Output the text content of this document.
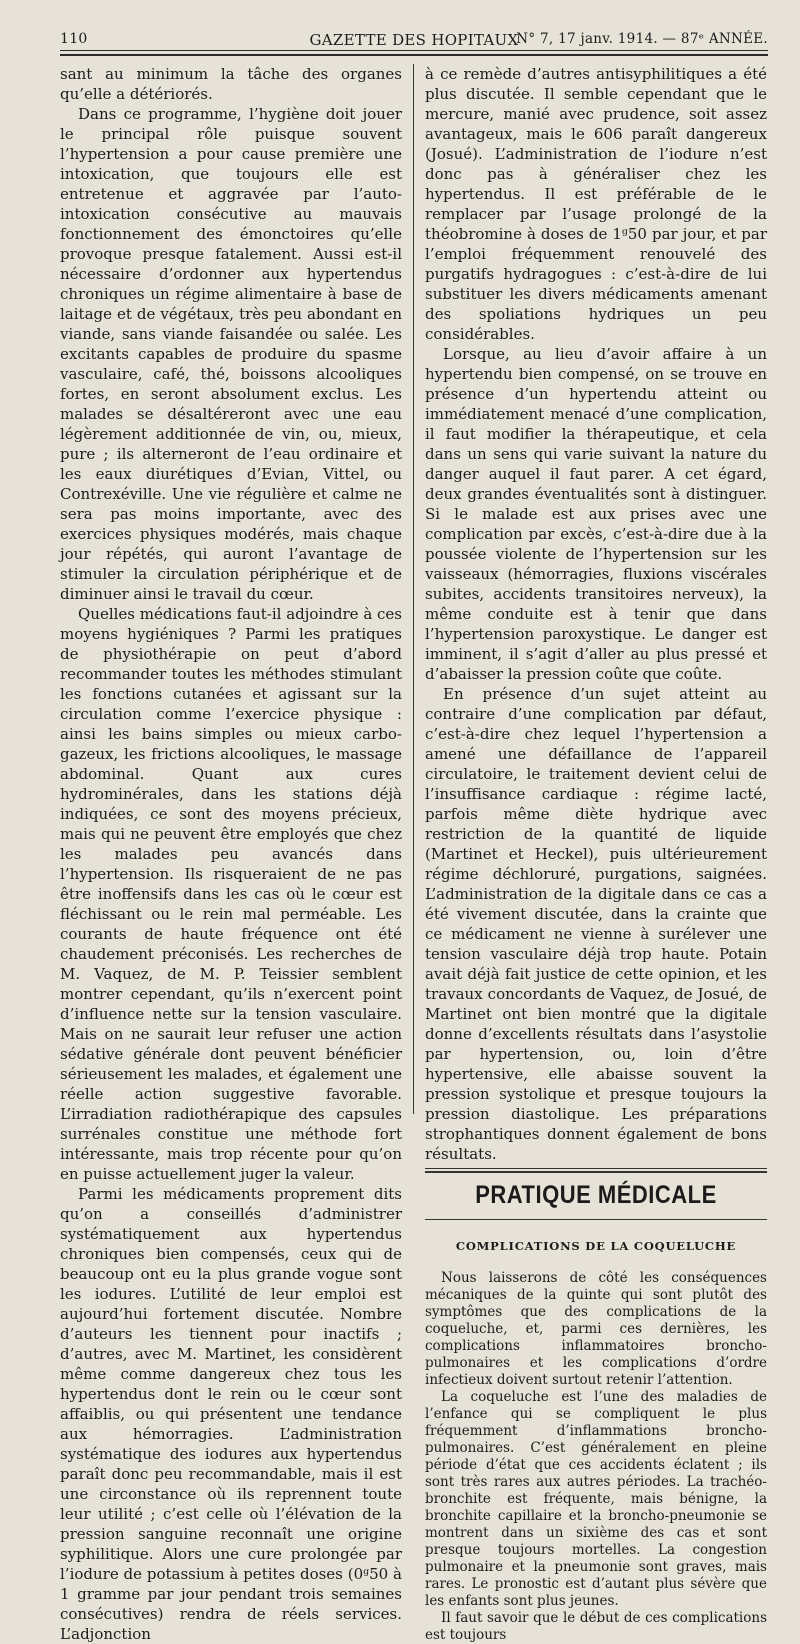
110	GAZETTE DES HOPITAUX
N° 7, 17 janv. 1914. — 87ᵉ ANNÉE.

sant au minimum la tâche des organes qu’elle a détériorés.

Dans ce programme, l’hygiène doit jouer le principal rôle puisque souvent l’hypertension a pour cause première une intoxication, que toujours elle est entretenue et aggravée par l’auto-intoxication consécutive au mauvais fonctionnement des émonctoires qu’elle provoque presque fatalement. Aussi est-il nécessaire d’ordonner aux hypertendus chroniques un régime alimentaire à base de laitage et de végétaux, très peu abondant en viande, sans viande faisandée ou salée. Les excitants capables de produire du spasme vasculaire, café, thé, boissons alcooliques fortes, en seront absolument exclus. Les malades se désaltéreront avec une eau légèrement additionnée de vin, ou, mieux, pure ; ils alterneront de l’eau ordinaire et les eaux diurétiques d’Evian, Vittel, ou Contrexéville. Une vie régulière et calme ne sera pas moins importante, avec des exercices physiques modérés, mais chaque jour répétés, qui auront l’avantage de stimuler la circulation périphérique et de diminuer ainsi le travail du cœur.

Quelles médications faut-il adjoindre à ces moyens hygiéniques ? Parmi les pratiques de physiothérapie on peut d’abord recommander toutes les méthodes stimulant les fonctions cutanées et agissant sur la circulation comme l’exercice physique : ainsi les bains simples ou mieux carbo-gazeux, les frictions alcooliques, le massage abdominal. Quant aux cures hydrominérales, dans les stations déjà indiquées, ce sont des moyens précieux, mais qui ne peuvent être employés que chez les malades peu avancés dans l’hypertension. Ils risqueraient de ne pas être inoffensifs dans les cas où le cœur est fléchissant ou le rein mal perméable. Les courants de haute fréquence ont été chaudement préconisés. Les recherches de M. Vaquez, de M. P. Teissier semblent montrer cependant, qu’ils n’exercent point d’influence nette sur la tension vasculaire. Mais on ne saurait leur refuser une action sédative générale dont peuvent bénéficier sérieusement les malades, et également une réelle action suggestive favorable. L’irradiation radiothérapique des capsules surrénales constitue une méthode fort intéressante, mais trop récente pour qu’on en puisse actuellement juger la valeur.

Parmi les médicaments proprement dits qu’on a conseillés d’administrer systématiquement aux hypertendus chroniques bien compensés, ceux qui de beaucoup ont eu la plus grande vogue sont les iodures. L’utilité de leur emploi est aujourd’hui fortement discutée. Nombre d’auteurs les tiennent pour inactifs ; d’autres, avec M. Martinet, les considèrent même comme dangereux chez tous les hypertendus dont le rein ou le cœur sont affaiblis, ou qui présentent une tendance aux hémorragies. L’administration systématique des iodures aux hypertendus paraît donc peu recommandable, mais il est une circonstance où ils reprennent toute leur utilité ; c’est celle où l’élévation de la pression sanguine reconnaît une origine syphilitique. Alors une cure prolongée par l’iodure de potassium à petites doses (0ᵍ50 à 1 gramme par jour pendant trois semaines consécutives) rendra de réels services. L’adjonction

à ce remède d’autres antisyphilitiques a été plus discutée. Il semble cependant que le mercure, manié avec prudence, soit assez avantageux, mais le 606 paraît dangereux (Josué). L’administration de l’iodure n’est donc pas à généraliser chez les hypertendus. Il est préférable de le remplacer par l’usage prolongé de la théobromine à doses de 1ᵍ50 par jour, et par l’emploi fréquemment renouvelé des purgatifs hydragogues : c’est-à-dire de lui substituer les divers médicaments amenant des spoliations hydriques un peu considérables.

Lorsque, au lieu d’avoir affaire à un hypertendu bien compensé, on se trouve en présence d’un hypertendu atteint ou immédiatement menacé d’une complication, il faut modifier la thérapeutique, et cela dans un sens qui varie suivant la nature du danger auquel il faut parer. A cet égard, deux grandes éventualités sont à distinguer. Si le malade est aux prises avec une complication par excès, c’est-à-dire due à la poussée violente de l’hypertension sur les vaisseaux (hémorragies, fluxions viscérales subites, accidents transitoires nerveux), la même conduite est à tenir que dans l’hypertension paroxystique. Le danger est imminent, il s’agit d’aller au plus pressé et d’abaisser la pression coûte que coûte.

En présence d’un sujet atteint au contraire d’une complication par défaut, c’est-à-dire chez lequel l’hypertension a amené une défaillance de l’appareil circulatoire, le traitement devient celui de l’insuffisance cardiaque : régime lacté, parfois même diète hydrique avec restriction de la quantité de liquide (Martinet et Heckel), puis ultérieurement régime déchloruré, purgations, saignées. L’administration de la digitale dans ce cas a été vivement discutée, dans la crainte que ce médicament ne vienne à surélever une tension vasculaire déjà trop haute. Potain avait déjà fait justice de cette opinion, et les travaux concordants de Vaquez, de Josué, de Martinet ont bien montré que la digitale donne d’excellents résultats dans l’asystolie par hypertension, ou, loin d’être hypertensive, elle abaisse souvent la pression systolique et presque toujours la pression diastolique. Les préparations strophantiques donnent également de bons résultats.

PRATIQUE MÉDICALE
COMPLICATIONS DE LA COQUELUCHE

Nous laisserons de côté les conséquences mécaniques de la quinte qui sont plutôt des symptômes que des complications de la coqueluche, et, parmi ces dernières, les complications inflammatoires broncho-pulmonaires et les complications d’ordre infectieux doivent surtout retenir l’attention.

La coqueluche est l’une des maladies de l’enfance qui se compliquent le plus fréquemment d’inflammations broncho-pulmonaires. C’est généralement en pleine période d’état que ces accidents éclatent ; ils sont très rares aux autres périodes. La trachéo-bronchite est fréquente, mais bénigne, la bronchite capillaire et la broncho-pneumonie se montrent dans un sixième des cas et sont presque toujours mortelles. La congestion pulmonaire et la pneumonie sont graves, mais rares. Le pronostic est d’autant plus sévère que les enfants sont plus jeunes.

Il faut savoir que le début de ces complications est toujours
